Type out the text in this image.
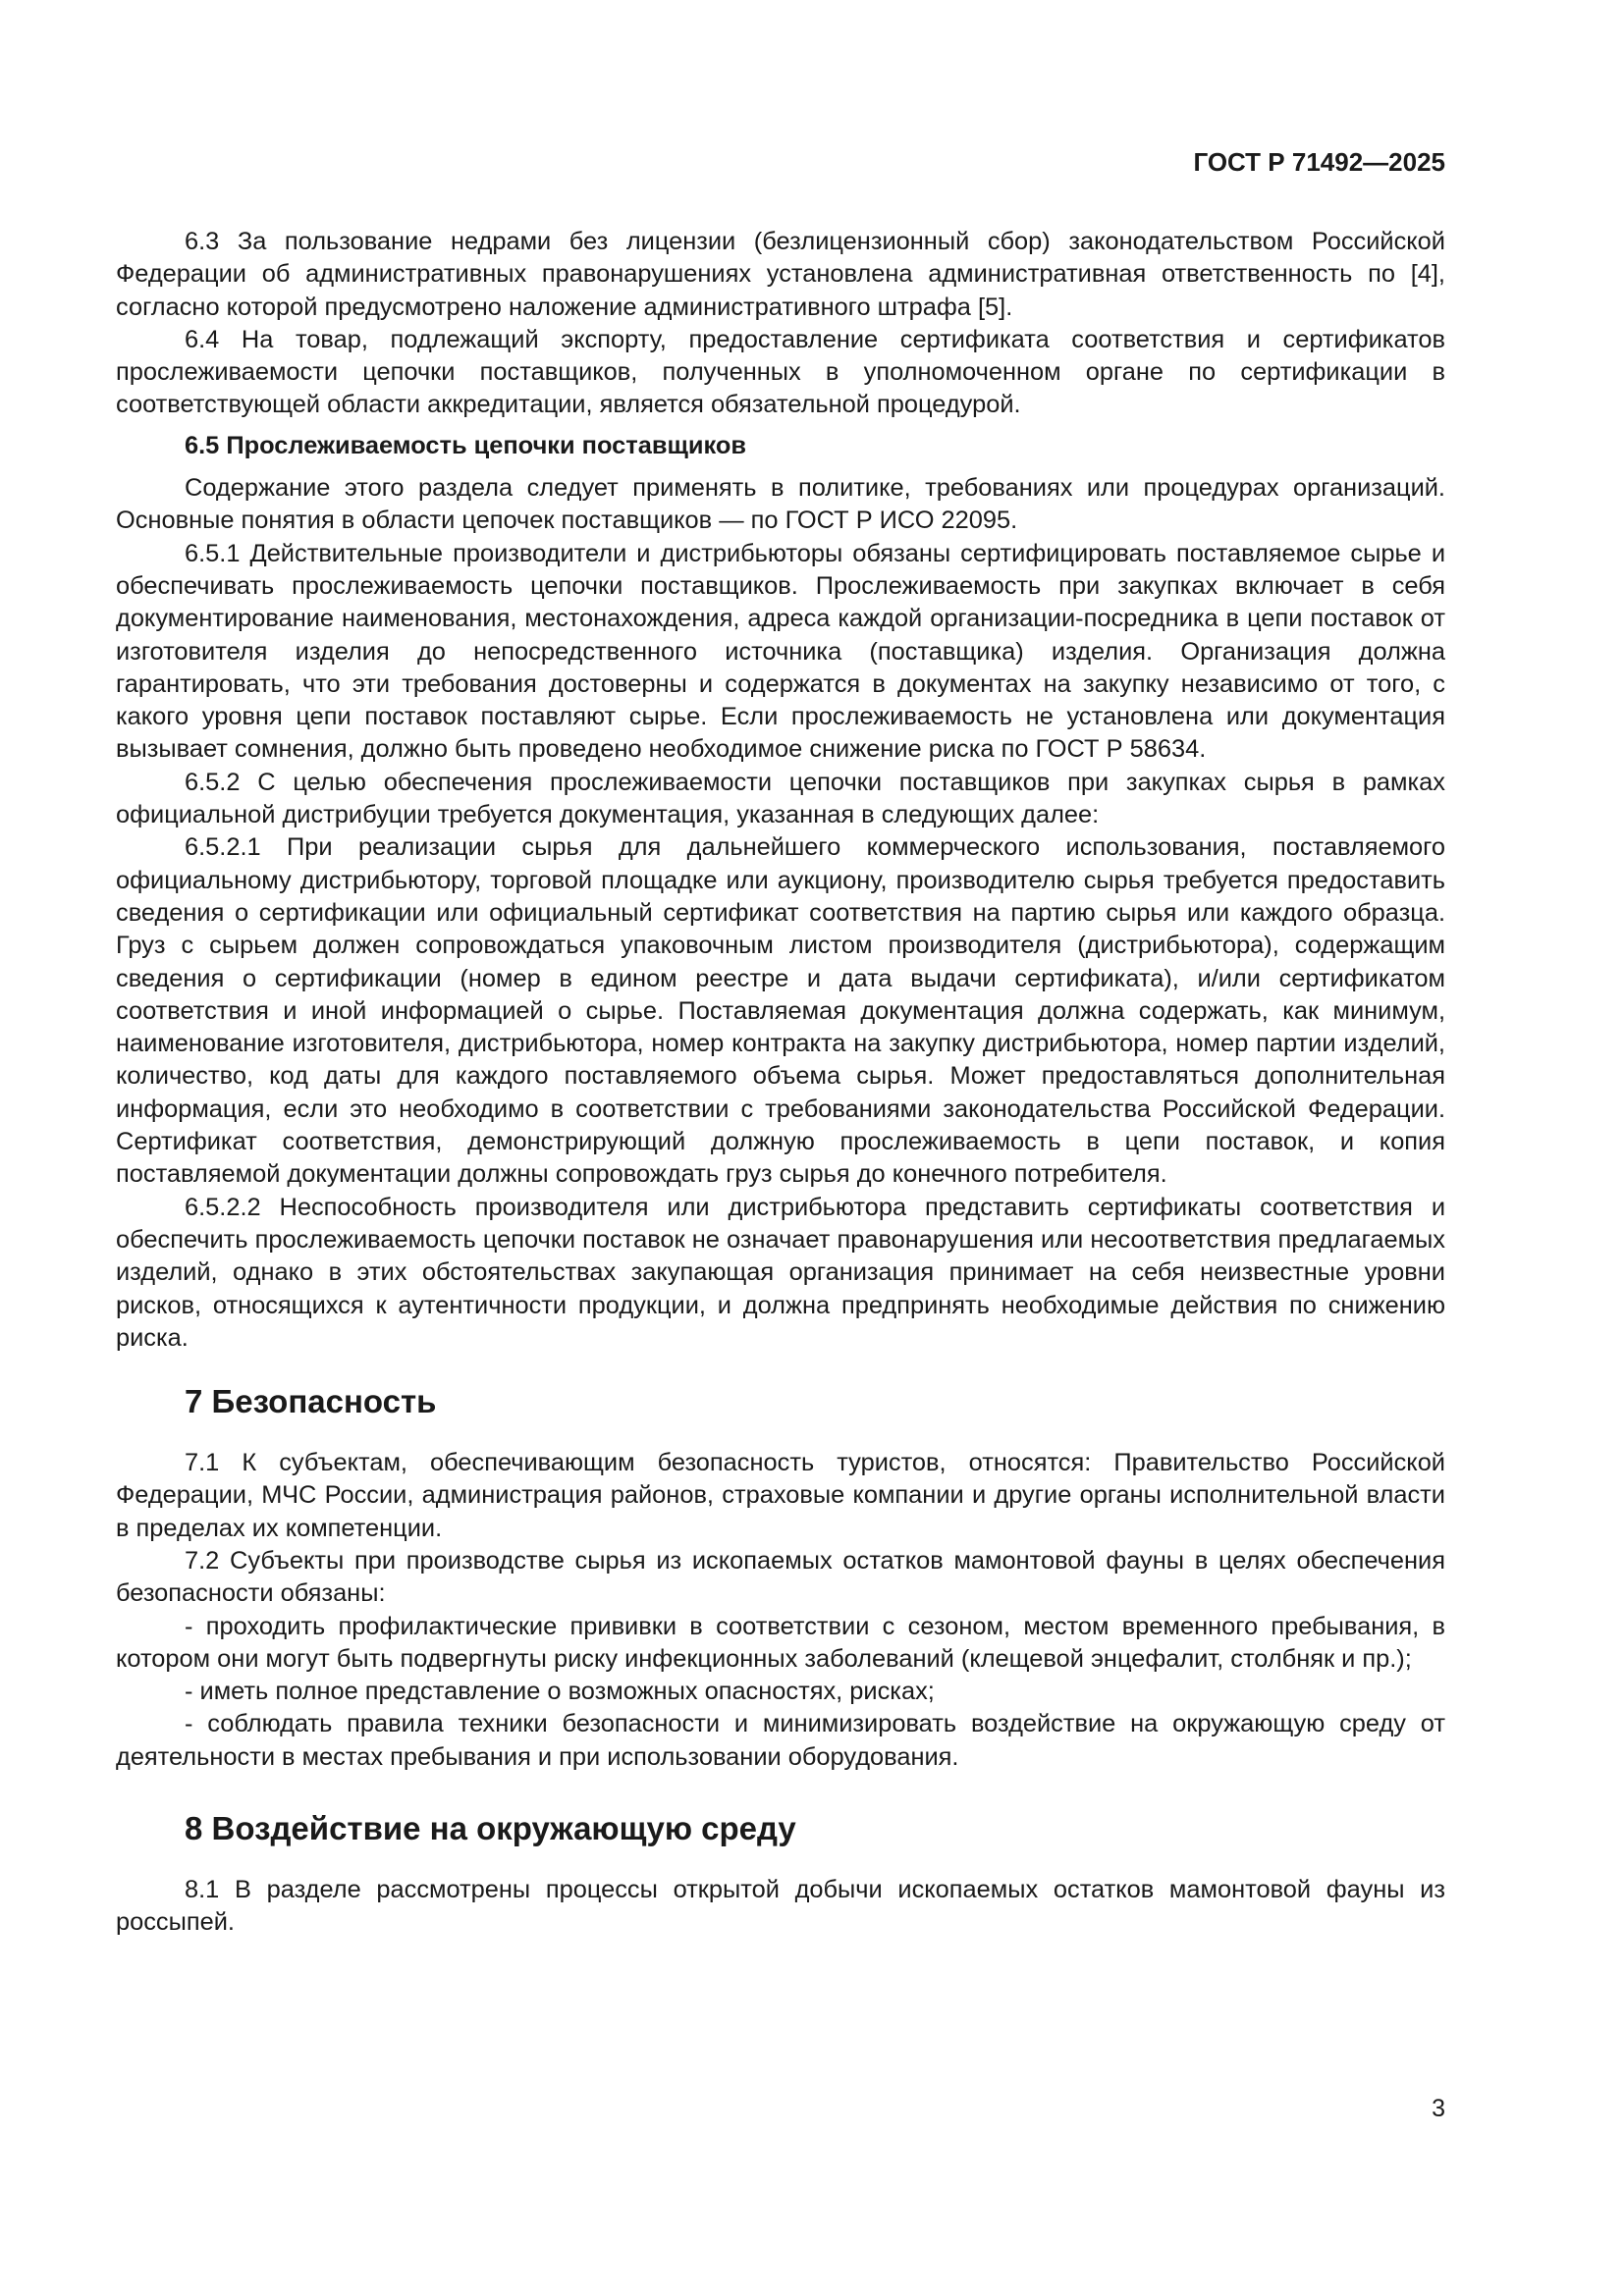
ГОСТ Р 71492—2025

6.3 За пользование недрами без лицензии (безлицензионный сбор) законодательством Российской Федерации об административных правонарушениях установлена административная ответственность по [4], согласно которой предусмотрено наложение административного штрафа [5].

6.4 На товар, подлежащий экспорту, предоставление сертификата соответствия и сертификатов прослеживаемости цепочки поставщиков, полученных в уполномоченном органе по сертификации в соответствующей области аккредитации, является обязательной процедурой.

6.5 Прослеживаемость цепочки поставщиков

Содержание этого раздела следует применять в политике, требованиях или процедурах организаций. Основные понятия в области цепочек поставщиков — по ГОСТ Р ИСО 22095.

6.5.1 Действительные производители и дистрибьюторы обязаны сертифицировать поставляемое сырье и обеспечивать прослеживаемость цепочки поставщиков. Прослеживаемость при закупках включает в себя документирование наименования, местонахождения, адреса каждой организации-посредника в цепи поставок от изготовителя изделия до непосредственного источника (поставщика) изделия. Организация должна гарантировать, что эти требования достоверны и содержатся в документах на закупку независимо от того, с какого уровня цепи поставок поставляют сырье. Если прослеживаемость не установлена или документация вызывает сомнения, должно быть проведено необходимое снижение риска по ГОСТ Р 58634.

6.5.2 С целью обеспечения прослеживаемости цепочки поставщиков при закупках сырья в рамках официальной дистрибуции требуется документация, указанная в следующих далее:

6.5.2.1 При реализации сырья для дальнейшего коммерческого использования, поставляемого официальному дистрибьютору, торговой площадке или аукциону, производителю сырья требуется предоставить сведения о сертификации или официальный сертификат соответствия на партию сырья или каждого образца. Груз с сырьем должен сопровождаться упаковочным листом производителя (дистрибьютора), содержащим сведения о сертификации (номер в едином реестре и дата выдачи сертификата), и/или сертификатом соответствия и иной информацией о сырье. Поставляемая документация должна содержать, как минимум, наименование изготовителя, дистрибьютора, номер контракта на закупку дистрибьютора, номер партии изделий, количество, код даты для каждого поставляемого объема сырья. Может предоставляться дополнительная информация, если это необходимо в соответствии с требованиями законодательства Российской Федерации. Сертификат соответствия, демонстрирующий должную прослеживаемость в цепи поставок, и копия поставляемой документации должны сопровождать груз сырья до конечного потребителя.

6.5.2.2 Неспособность производителя или дистрибьютора представить сертификаты соответствия и обеспечить прослеживаемость цепочки поставок не означает правонарушения или несоответствия предлагаемых изделий, однако в этих обстоятельствах закупающая организация принимает на себя неизвестные уровни рисков, относящихся к аутентичности продукции, и должна предпринять необходимые действия по снижению риска.

7 Безопасность

7.1 К субъектам, обеспечивающим безопасность туристов, относятся: Правительство Российской Федерации, МЧС России, администрация районов, страховые компании и другие органы исполнительной власти в пределах их компетенции.

7.2 Субъекты при производстве сырья из ископаемых остатков мамонтовой фауны в целях обеспечения безопасности обязаны:

- проходить профилактические прививки в соответствии с сезоном, местом временного пребывания, в котором они могут быть подвергнуты риску инфекционных заболеваний (клещевой энцефалит, столбняк и пр.);

- иметь полное представление о возможных опасностях, рисках;

- соблюдать правила техники безопасности и минимизировать воздействие на окружающую среду от деятельности в местах пребывания и при использовании оборудования.

8 Воздействие на окружающую среду

8.1 В разделе рассмотрены процессы открытой добычи ископаемых остатков мамонтовой фауны из россыпей.

3
